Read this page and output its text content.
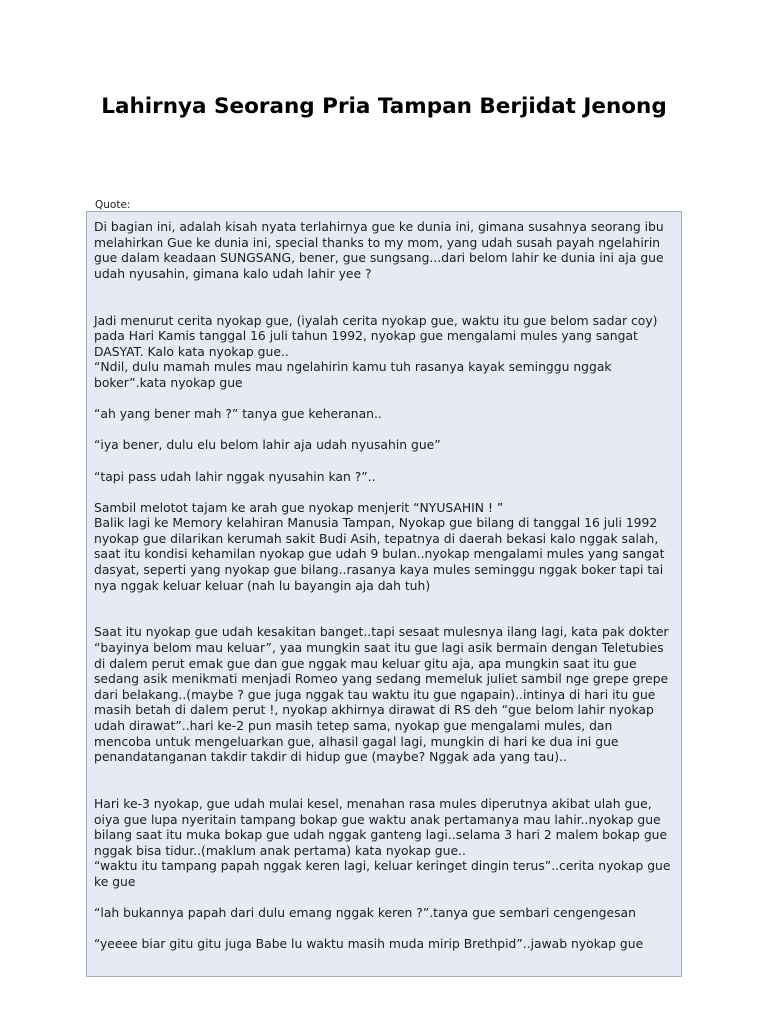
Lahirnya Seorang Pria Tampan Berjidat Jenong
Quote:

Di bagian ini, adalah kisah nyata terlahirnya gue ke dunia ini, gimana susahnya seorang ibu melahirkan Gue ke dunia ini, special thanks to my mom, yang udah susah payah ngelahirin gue dalam keadaan SUNGSANG, bener, gue sungsang...dari belom lahir ke dunia ini aja gue udah nyusahin, gimana kalo udah lahir yee ?

Jadi menurut cerita nyokap gue, (iyalah cerita nyokap gue, waktu itu gue belom sadar coy) pada Hari Kamis tanggal 16 juli tahun 1992, nyokap gue mengalami mules yang sangat DASYAT. Kalo kata nyokap gue..

“Ndil, dulu mamah mules mau ngelahirin kamu tuh rasanya kayak seminggu nggak boker”.kata nyokap gue

“ah yang bener mah ?” tanya gue keheranan..

“iya bener, dulu elu belom lahir aja udah nyusahin gue”

“tapi pass udah lahir nggak nyusahin kan ?”..

Sambil melotot tajam ke arah gue nyokap menjerit “NYUSAHIN ! ”

Balik lagi ke Memory kelahiran Manusia Tampan, Nyokap gue bilang di tanggal 16 juli 1992 nyokap gue dilarikan kerumah sakit Budi Asih, tepatnya di daerah bekasi kalo nggak salah, saat itu kondisi kehamilan nyokap gue udah 9 bulan..nyokap mengalami mules yang sangat dasyat, seperti yang nyokap gue bilang..rasanya kaya mules seminggu nggak boker tapi tai nya nggak keluar keluar (nah lu bayangin aja dah tuh)

Saat itu nyokap gue udah kesakitan banget..tapi sesaat mulesnya ilang lagi, kata pak dokter “bayinya belom mau keluar”, yaa mungkin saat itu gue lagi asik bermain dengan Teletubies di dalem perut emak gue dan gue nggak mau keluar gitu aja, apa mungkin saat itu gue sedang asik menikmati menjadi Romeo yang sedang memeluk juliet sambil nge grepe grepe dari belakang..(maybe ? gue juga nggak tau waktu itu gue ngapain)..intinya di hari itu gue masih betah di dalem perut !, nyokap akhirnya dirawat di RS deh “gue belom lahir nyokap udah dirawat”..hari ke-2 pun masih tetep sama, nyokap gue mengalami mules, dan mencoba untuk mengeluarkan gue, alhasil gagal lagi, mungkin di hari ke dua ini gue penandatanganan takdir takdir di hidup gue (maybe? Nggak ada yang tau)..

Hari ke-3 nyokap, gue udah mulai kesel, menahan rasa mules diperutnya akibat ulah gue, oiya gue lupa nyeritain tampang bokap gue waktu anak pertamanya mau lahir..nyokap gue bilang saat itu muka bokap gue udah nggak ganteng lagi..selama 3 hari 2 malem bokap gue nggak bisa tidur..(maklum anak pertama) kata nyokap gue..

“waktu itu tampang papah nggak keren lagi, keluar keringet dingin terus”..cerita nyokap gue ke gue

“lah bukannya papah dari dulu emang nggak keren ?”.tanya gue sembari cengengesan

“yeeee biar gitu gitu juga Babe lu waktu masih muda mirip Brethpid”..jawab nyokap gue
